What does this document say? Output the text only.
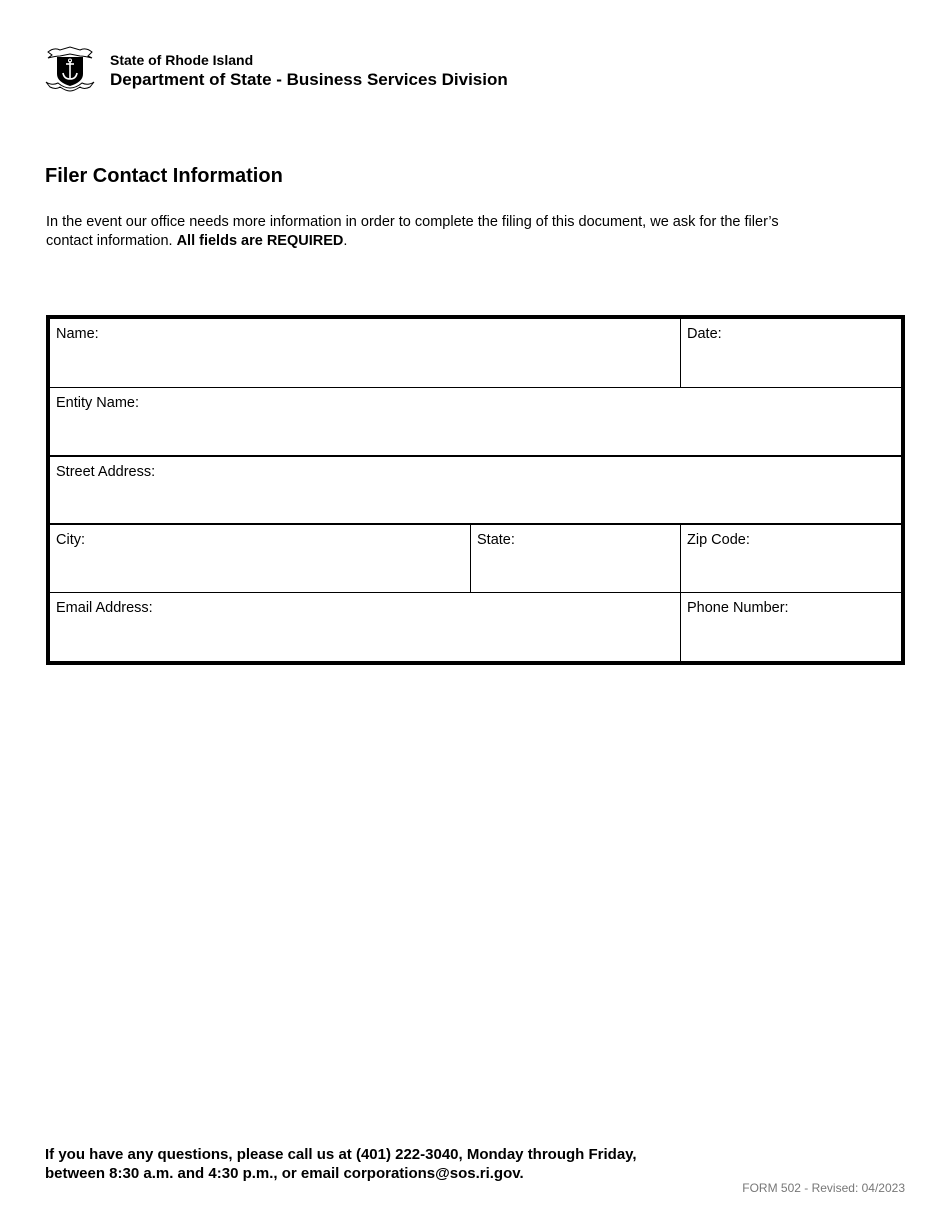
State of Rhode Island
Department of State - Business Services Division
Filer Contact Information

In the event our office needs more information in order to complete the filing of this document, we ask for the filer’s contact information. All fields are REQUIRED.

Name:	Date:
Entity Name:
Street Address:
City:	State:	Zip Code:
Email Address:	Phone Number:
If you have any questions, please call us at (401) 222-3040, Monday through Friday,
between 8:30 a.m. and 4:30 p.m., or email corporations@sos.ri.gov.
FORM 502 - Revised: 04/2023
